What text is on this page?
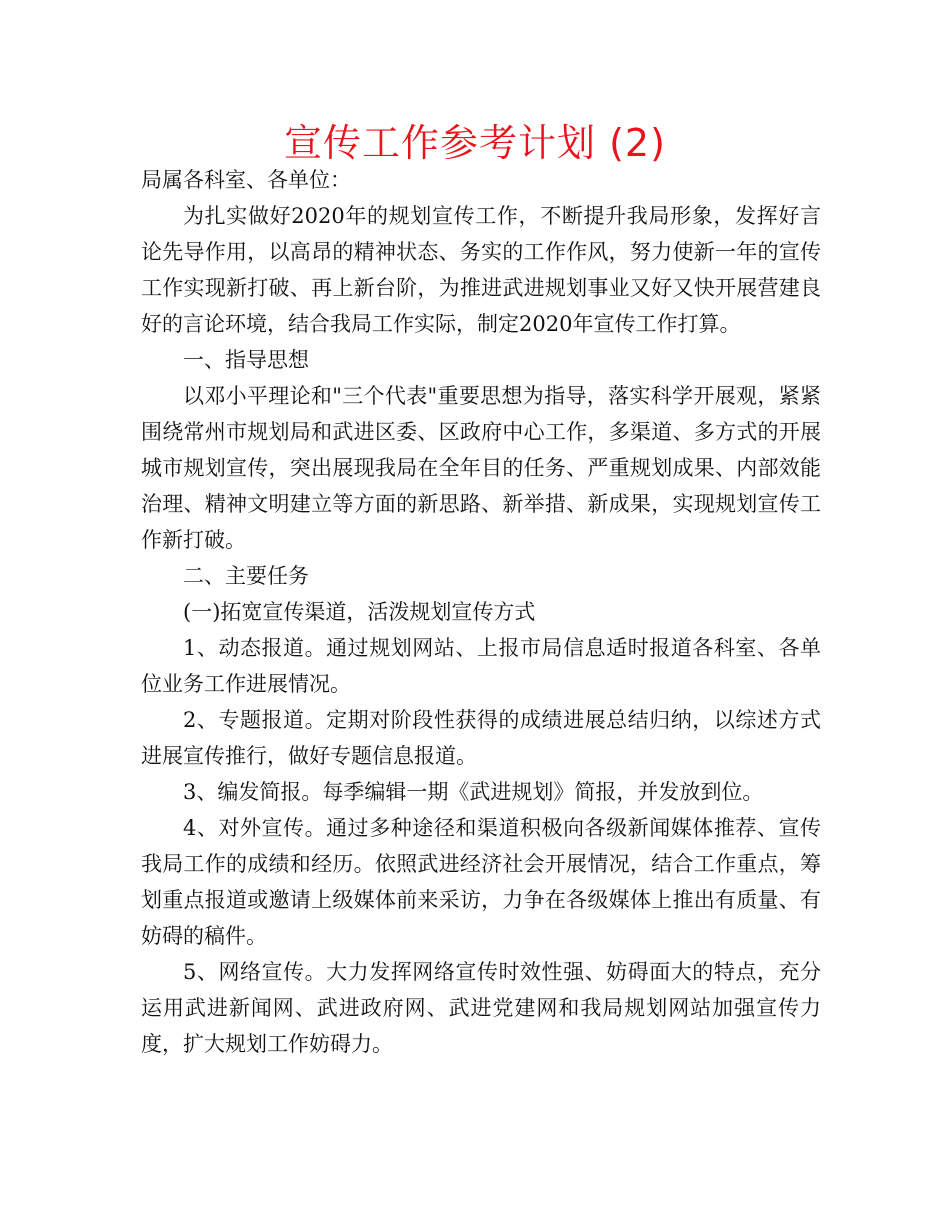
宣传工作参考计划 (2)

局属各科室、各单位：

为扎实做好2020年的规划宣传工作，不断提升我局形象，发挥好言论先导作用，以高昂的精神状态、务实的工作作风，努力使新一年的宣传工作实现新打破、再上新台阶，为推进武进规划事业又好又快开展营建良好的言论环境，结合我局工作实际，制定2020年宣传工作打算。

一、指导思想

以邓小平理论和"三个代表"重要思想为指导，落实科学开展观，紧紧围绕常州市规划局和武进区委、区政府中心工作，多渠道、多方式的开展城市规划宣传，突出展现我局在全年目的任务、严重规划成果、内部效能治理、精神文明建立等方面的新思路、新举措、新成果，实现规划宣传工作新打破。

二、主要任务

(一)拓宽宣传渠道，活泼规划宣传方式

1、动态报道。通过规划网站、上报市局信息适时报道各科室、各单位业务工作进展情况。

2、专题报道。定期对阶段性获得的成绩进展总结归纳，以综述方式进展宣传推行，做好专题信息报道。

3、编发简报。每季编辑一期《武进规划》简报，并发放到位。

4、对外宣传。通过多种途径和渠道积极向各级新闻媒体推荐、宣传我局工作的成绩和经历。依照武进经济社会开展情况，结合工作重点，筹划重点报道或邀请上级媒体前来采访，力争在各级媒体上推出有质量、有妨碍的稿件。

5、网络宣传。大力发挥网络宣传时效性强、妨碍面大的特点，充分运用武进新闻网、武进政府网、武进党建网和我局规划网站加强宣传力度，扩大规划工作妨碍力。
